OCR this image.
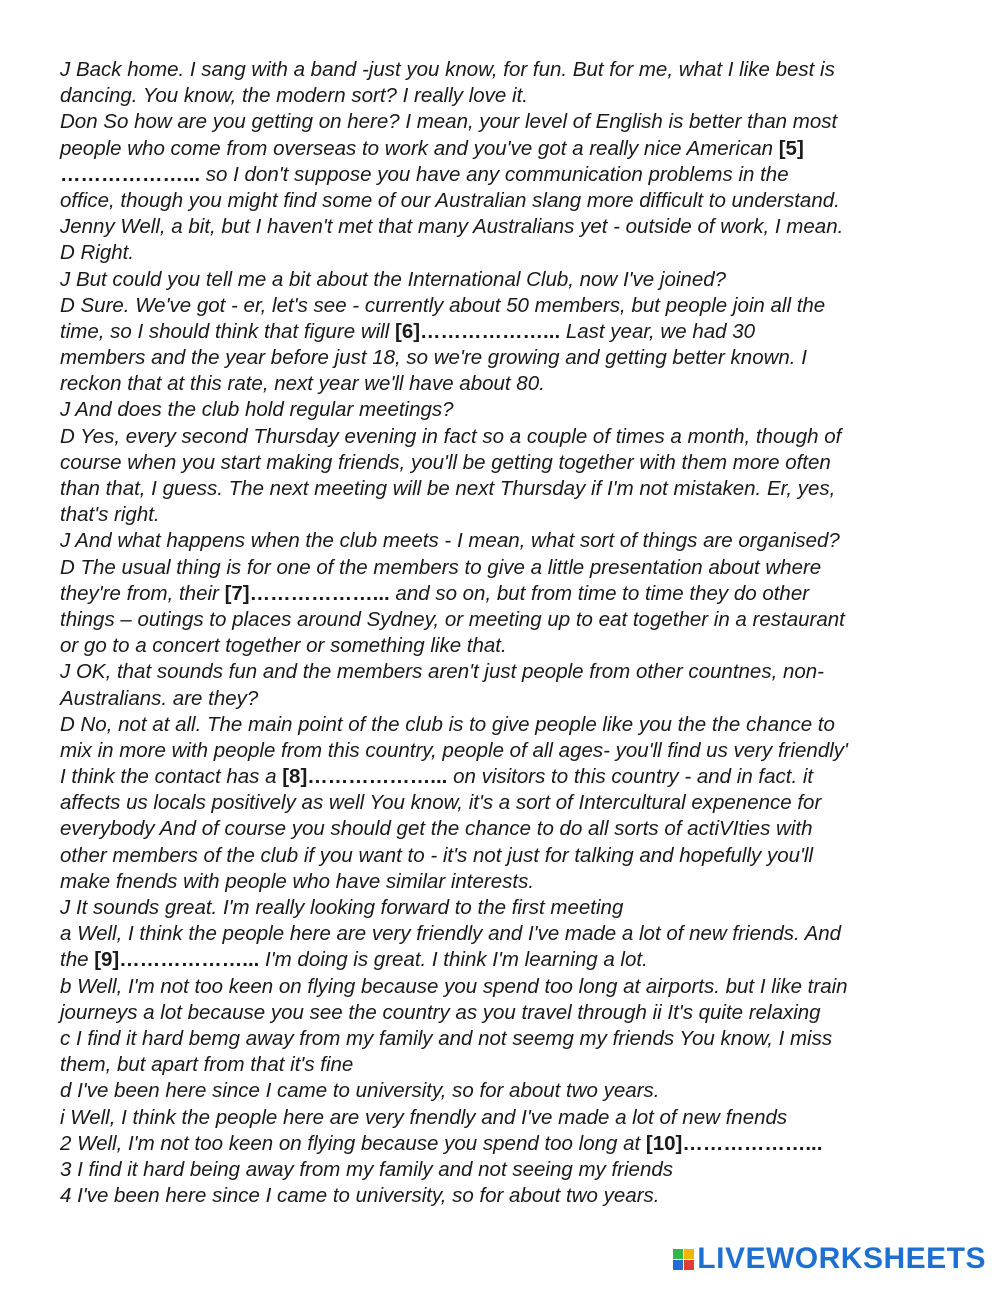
J Back home. I sang with a band -just you know, for fun. But for me, what I like best is
dancing. You know, the modern sort? I really love it.
Don So how are you getting on here? I mean, your level of English is better than most
people who come from overseas to work and you've got a really nice American [5]
………………... so I don't suppose you have any communication problems in the
office, though you might find some of our Australian slang more difficult to understand.
Jenny Well, a bit, but I haven't met that many Australians yet - outside of work, I mean.
D Right.
J But could you tell me a bit about the International Club, now I've joined?
D Sure. We've got - er, let's see - currently about 50 members, but people join all the
time, so I should think that figure will [6]………………... Last year, we had 30
members and the year before just 18, so we're growing and getting better known. I
reckon that at this rate, next year we'll have about 80.
J And does the club hold regular meetings?
D Yes, every second Thursday evening in fact so a couple of times a month, though of
course when you start making friends, you'll be getting together with them more often
than that, I guess. The next meeting will be next Thursday if I'm not mistaken. Er, yes,
that's right.
J And what happens when the club meets - I mean, what sort of things are organised?
D The usual thing is for one of the members to give a little presentation about where
they're from, their [7]………………... and so on, but from time to time they do other
things – outings to places around Sydney, or meeting up to eat together in a restaurant
or go to a concert together or something like that.
J OK, that sounds fun and the members aren't just people from other countnes, non-
Australians. are they?
D No, not at all. The main point of the club is to give people like you the the chance to
mix in more with people from this country, people of all ages- you'll find us very friendly'
I think the contact has a [8]………………... on visitors to this country - and in fact. it
affects us locals positively as well You know, it's a sort of Intercultural expenence for
everybody And of course you should get the chance to do all sorts of actiVIties with
other members of the club if you want to - it's not just for talking and hopefully you'll
make fnends with people who have similar interests.
J It sounds great. I'm really looking forward to the first meeting
a Well, I think the people here are very friendly and I've made a lot of new friends. And
the [9]………………... I'm doing is great. I think I'm learning a lot.
b Well, I'm not too keen on flying because you spend too long at airports. but I like train
journeys a lot because you see the country as you travel through ii It's quite relaxing
c I find it hard bemg away from my family and not seemg my friends You know, I miss
them, but apart from that it's fine
d I've been here since I came to university, so for about two years.
i Well, I think the people here are very fnendly and I've made a lot of new fnends
2 Well, I'm not too keen on flying because you spend too long at [10]………………...
3 I find it hard being away from my family and not seeing my friends
4 I've been here since I came to university, so for about two years.
LIVEWORKSHEETS
